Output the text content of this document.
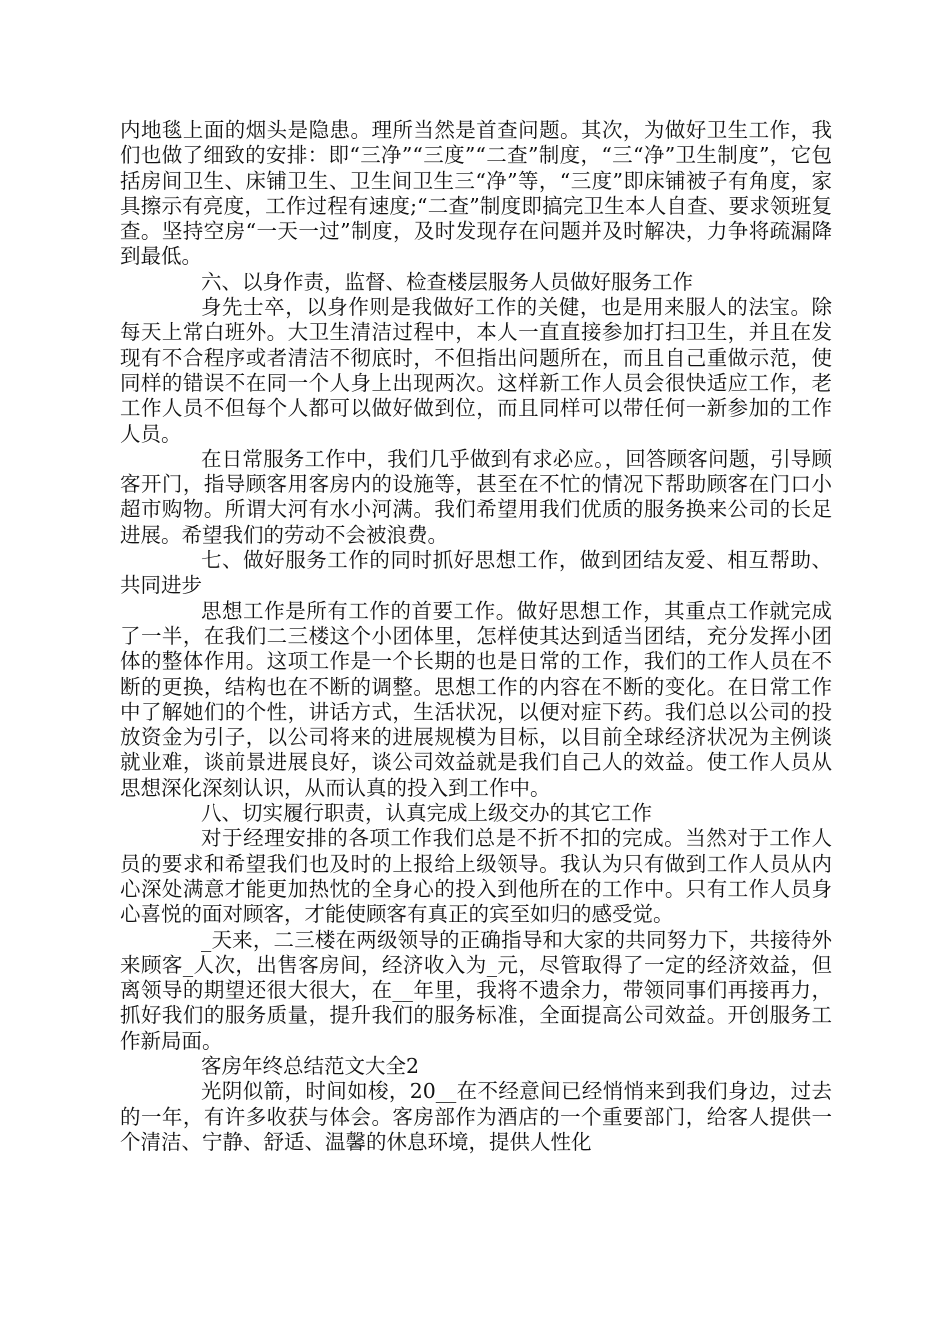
内地毯上面的烟头是隐患。理所当然是首查问题。其次，为做好卫生工作，我们也做了细致的安排：即“三净”“三度”“二查”制度，“三“净”卫生制度”，它包括房间卫生、床铺卫生、卫生间卫生三“净”等，“三度”即床铺被子有角度，家具擦示有亮度，工作过程有速度;“二查”制度即搞完卫生本人自查、要求领班复查。坚持空房“一天一过”制度，及时发现存在问题并及时解决，力争将疏漏降到最低。

六、以身作责，监督、检查楼层服务人员做好服务工作

身先士卒，以身作则是我做好工作的关健，也是用来服人的法宝。除每天上常白班外。大卫生清洁过程中，本人一直直接参加打扫卫生，并且在发现有不合程序或者清洁不彻底时，不但指出问题所在，而且自己重做示范，使同样的错误不在同一个人身上出现两次。这样新工作人员会很快适应工作，老工作人员不但每个人都可以做好做到位，而且同样可以带任何一新参加的工作人员。

在日常服务工作中，我们几乎做到有求必应。，回答顾客问题，引导顾客开门，指导顾客用客房内的设施等，甚至在不忙的情况下帮助顾客在门口小超市购物。所谓大河有水小河满。我们希望用我们优质的服务换来公司的长足进展。希望我们的劳动不会被浪费。

七、做好服务工作的同时抓好思想工作，做到团结友爱、相互帮助、共同进步

思想工作是所有工作的首要工作。做好思想工作，其重点工作就完成了一半，在我们二三楼这个小团体里，怎样使其达到适当团结，充分发挥小团体的整体作用。这项工作是一个长期的也是日常的工作，我们的工作人员在不断的更换，结构也在不断的调整。思想工作的内容在不断的变化。在日常工作中了解她们的个性，讲话方式，生活状况，以便对症下药。我们总以公司的投放资金为引子，以公司将来的进展规模为目标，以目前全球经济状况为主例谈就业难，谈前景进展良好，谈公司效益就是我们自己人的效益。使工作人员从思想深化深刻认识，从而认真的投入到工作中。

八、切实履行职责，认真完成上级交办的其它工作

对于经理安排的各项工作我们总是不折不扣的完成。当然对于工作人员的要求和希望我们也及时的上报给上级领导。我认为只有做到工作人员从内心深处满意才能更加热忱的全身心的投入到他所在的工作中。只有工作人员身心喜悦的面对顾客，才能使顾客有真正的宾至如归的感受觉。

_天来，二三楼在两级领导的正确指导和大家的共同努力下，共接待外来顾客_人次，出售客房间，经济收入为_元，尽管取得了一定的经济效益，但离领导的期望还很大很大，在__年里，我将不遗余力，带领同事们再接再力，抓好我们的服务质量，提升我们的服务标准，全面提高公司效益。开创服务工作新局面。

客房年终总结范文大全2

光阴似箭，时间如梭，20__在不经意间已经悄悄来到我们身边，过去的一年，有许多收获与体会。客房部作为酒店的一个重要部门，给客人提供一个清洁、宁静、舒适、温馨的休息环境，提供人性化
